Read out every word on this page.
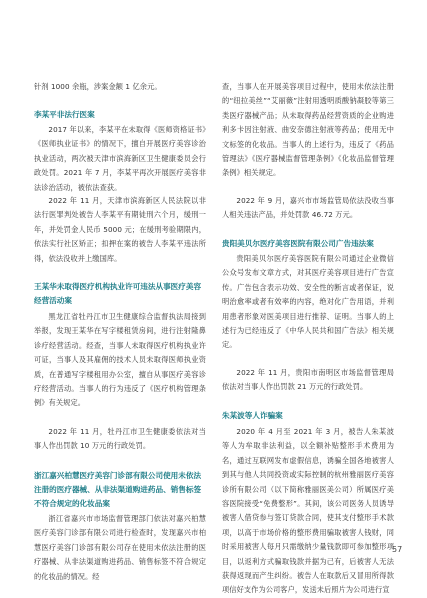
针剂 1000 余瓶，涉案金额 1 亿余元。

李某平非法行医案

2017 年以来，李某平在未取得《医师资格证书》《医师执业证书》的情况下，擅自开展医疗美容诊治执业活动，两次被天津市滨海新区卫生健康委员会行政处罚。2021 年 7 月，李某平再次开展医疗美容非法诊治活动，被依法查获。

2022 年 11 月，天津市滨海新区人民法院以非法行医罪判处被告人李某平有期徒刑六个月，缓刑一年，并处罚金人民币 5000 元；在缓刑考验期限内，依法实行社区矫正；扣押在案的被告人李某平违法所得，依法没收并上缴国库。

王某华未取得医疗机构执业许可违法从事医疗美容经营活动案

黑龙江省牡丹江市卫生健康综合监督执法局接到举报，发现王某华在写字楼租赁房间，进行注射隆鼻诊疗经营活动。经查，当事人未取得医疗机构执业许可证，当事人及其雇佣的技术人员未取得医师执业资质，在普通写字楼租用办公室，擅自从事医疗美容诊疗经营活动。当事人的行为违反了《医疗机构管理条例》有关规定。

2022 年 11 月，牡丹江市卫生健康委依法对当事人作出罚款 10 万元的行政处罚。

浙江嘉兴柏慧医疗美容门诊部有限公司使用未依法注册的医疗器械、从非法渠道购进药品、销售标签不符合规定的化妆品案

浙江省嘉兴市市场监督管理部门依法对嘉兴柏慧医疗美容门诊部有限公司进行检查时，发现嘉兴市柏慧医疗美容门诊部有限公司存在使用未依法注册的医疗器械、从非法渠道购进药品、销售标签不符合规定的化妆品的情况。经

查，当事人在开展美容项目过程中，使用未依法注册的“纽拉美丝”“艾丽薇”注射用透明质酸钠凝胶等第三类医疗器械产品；从未取得药品经营资质的企业购进利多卡因注射液、曲安奈德注射液等药品；使用无中文标签的化妆品。当事人的上述行为，违反了《药品管理法》《医疗器械监督管理条例》《化妆品监督管理条例》相关规定。

2022 年 9 月，嘉兴市市场监管局依法没收当事人相关违法产品，并处罚款 46.72 万元。

贵阳美贝尔医疗美容医院有限公司广告违法案

贵阳美贝尔医疗美容医院有限公司通过企业微信公众号发布文章方式，对其医疗美容项目进行广告宣传。广告包含表示功效、安全性的断言或者保证，说明治愈率或者有效率的内容，绝对化广告用语，并利用患者形象对医美项目进行推荐、证明。当事人的上述行为已经违反了《中华人民共和国广告法》相关规定。

2022 年 11 月，贵阳市南明区市场监督管理局依法对当事人作出罚款 21 万元的行政处罚。

朱某波等人诈骗案

2020 年 4 月至 2021 年 3 月，被告人朱某波等人为牟取非法利益，以全额补贴整形手术费用为名，通过互联网发布虚假信息，诱骗全国各地被害人到其与他人共同投资或实际控制的杭州雅丽医疗美容诊所有限公司（以下简称雅丽医美公司）所属医疗美容医院接受“免费整形”。其间，该公司医务人员诱导被害人借贷参与签订贷款合同，使其支付整形手术款项，以高于市场价格的整形费用骗取被害人钱财，同时采用被害人每月只需缴纳少量钱款即可参加整形项目，以返利方式骗取钱款并据为己有，后被害人无法获得返现而产生纠纷。被告人在取款后又冒用所得款项信好支作为公司客户，发送未后照片为公司进行宣

57
